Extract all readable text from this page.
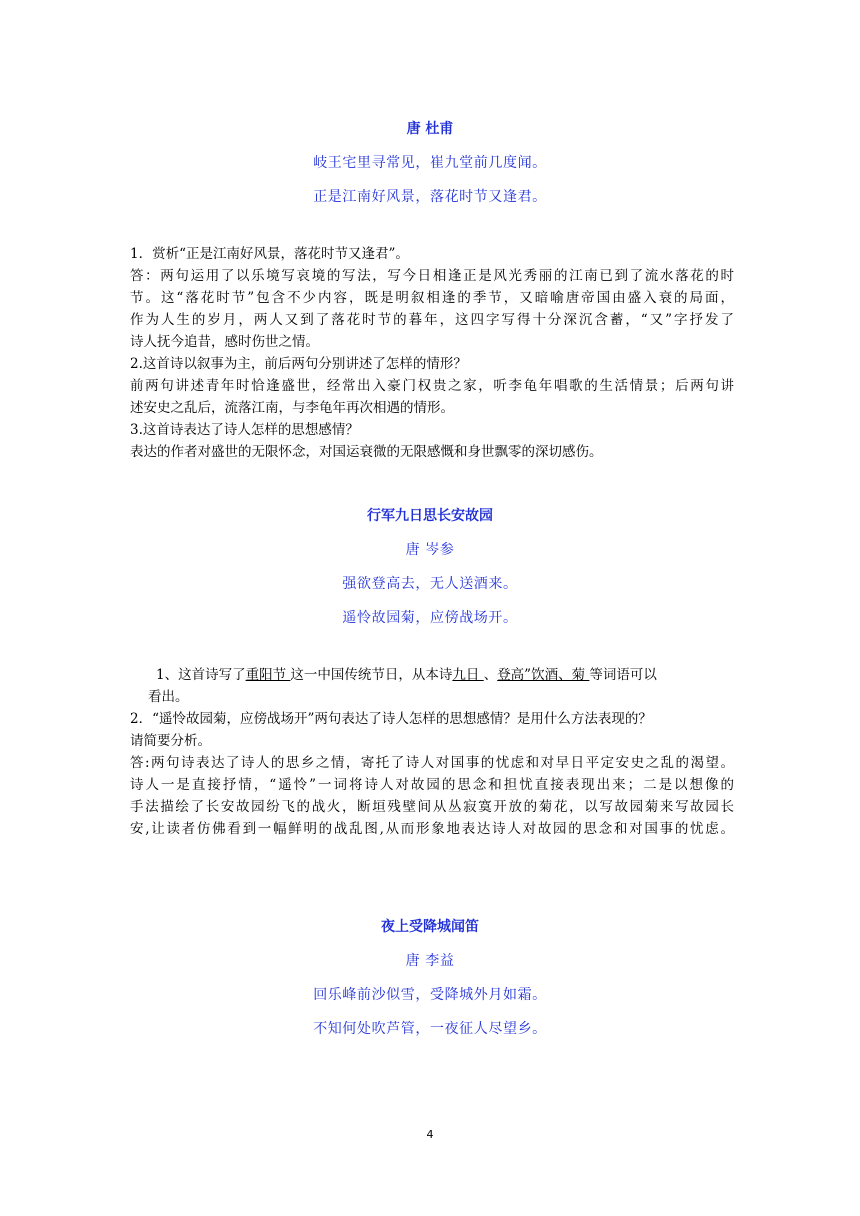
唐 杜甫
岐王宅里寻常见，崔九堂前几度闻。
正是江南好风景，落花时节又逢君。
1．赏析“正是江南好风景，落花时节又逢君”。
答：两句运用了以乐境写哀境的写法，写今日相逢正是风光秀丽的江南已到了流水落花的时
节。这“落花时节”包含不少内容，既是明叙相逢的季节，又暗喻唐帝国由盛入衰的局面，
作为人生的岁月，两人又到了落花时节的暮年，这四字写得十分深沉含蓄，“又”字抒发了
诗人抚今追昔，感时伤世之情。
2.这首诗以叙事为主，前后两句分别讲述了怎样的情形？
前两句讲述青年时恰逢盛世，经常出入豪门权贵之家，听李龟年唱歌的生活情景；后两句讲
述安史之乱后，流落江南，与李龟年再次相遇的情形。
3.这首诗表达了诗人怎样的思想感情？
表达的作者对盛世的无限怀念，对国运衰微的无限感慨和身世飘零的深切感伤。
行军九日思长安故园
唐 岑参
强欲登高去，无人送酒来。
遥怜故园菊，应傍战场开。
1、这首诗写了重阳节 这一中国传统节日，从本诗九日 、登高”饮酒、菊 等词语可以
看出。
2．“遥怜故园菊，应傍战场开”两句表达了诗人怎样的思想感情？是用什么方法表现的？
请简要分析。
答:两句诗表达了诗人的思乡之情，寄托了诗人对国事的忧虑和对早日平定安史之乱的渴望。
诗人一是直接抒情，“遥怜”一词将诗人对故园的思念和担忧直接表现出来；二是以想像的
手法描绘了长安故园纷飞的战火，断垣残壁间从丛寂寞开放的菊花，以写故园菊来写故园长
安,让读者仿佛看到一幅鲜明的战乱图,从而形象地表达诗人对故园的思念和对国事的忧虑。
夜上受降城闻笛
唐 李益
回乐峰前沙似雪，受降城外月如霜。
不知何处吹芦管，一夜征人尽望乡。
4
